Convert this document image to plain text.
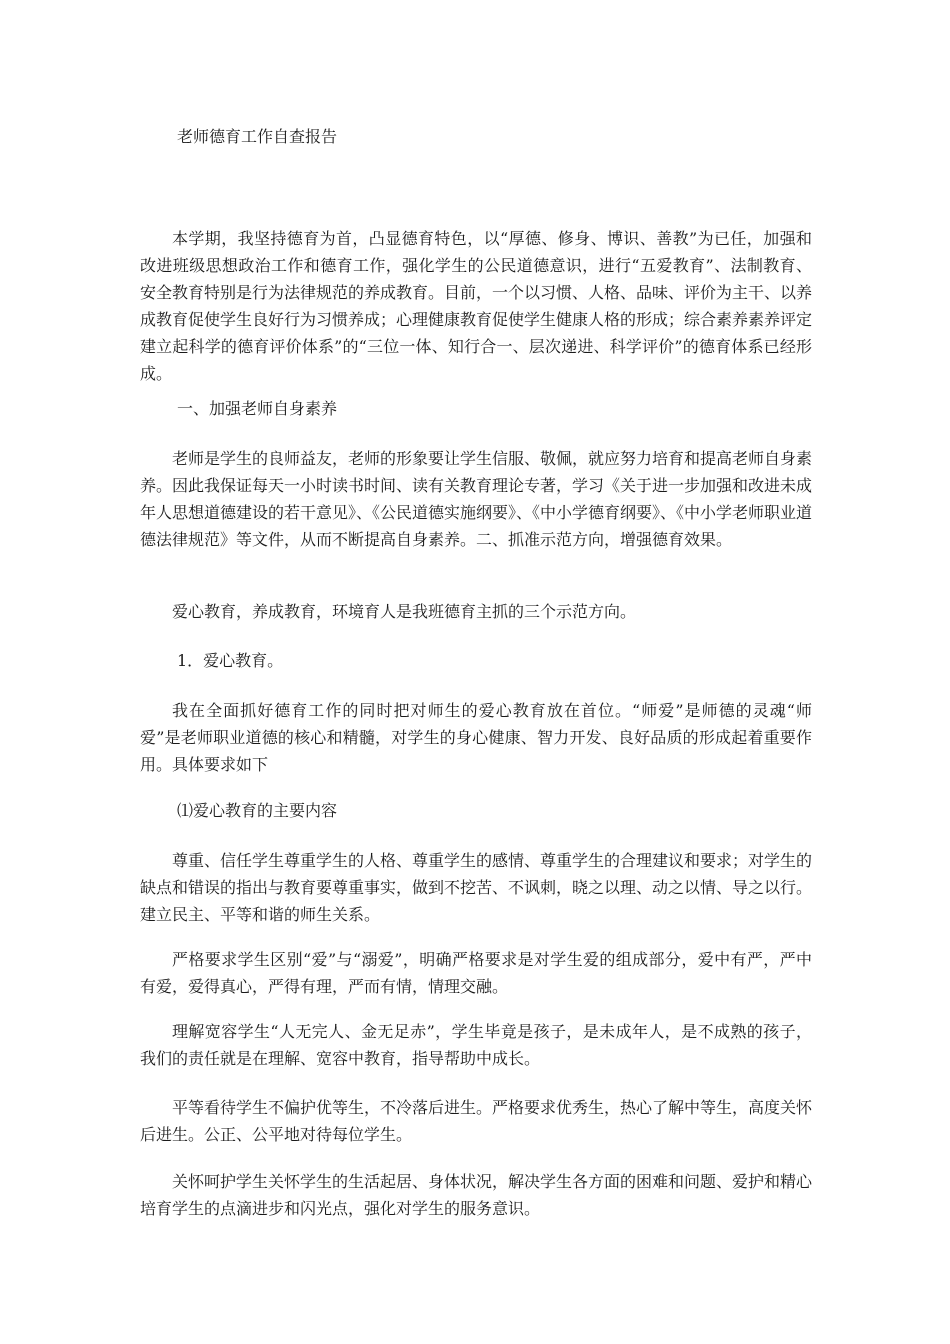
老师德育工作自查报告

本学期，我坚持德育为首，凸显德育特色，以“厚德、修身、博识、善教”为已任，加强和改进班级思想政治工作和德育工作，强化学生的公民道德意识，进行“五爱教育”、法制教育、安全教育特别是行为法律规范的养成教育。目前，一个以习惯、人格、品味、评价为主干、以养成教育促使学生良好行为习惯养成；心理健康教育促使学生健康人格的形成；综合素养素养评定建立起科学的德育评价体系”的“三位一体、知行合一、层次递进、科学评价”的德育体系已经形成。

一、加强老师自身素养

老师是学生的良师益友，老师的形象要让学生信服、敬佩，就应努力培育和提高老师自身素养。因此我保证每天一小时读书时间、读有关教育理论专著，学习《关于进一步加强和改进未成年人思想道德建设的若干意见》、《公民道德实施纲要》、《中小学德育纲要》、《中小学老师职业道德法律规范》等文件，从而不断提高自身素养。二、抓准示范方向，增强德育效果。

爱心教育，养成教育，环境育人是我班德育主抓的三个示范方向。

1．爱心教育。

我在全面抓好德育工作的同时把对师生的爱心教育放在首位。“师爱”是师德的灵魂“师爱”是老师职业道德的核心和精髓，对学生的身心健康、智力开发、良好品质的形成起着重要作用。具体要求如下

⑴爱心教育的主要内容

尊重、信任学生尊重学生的人格、尊重学生的感情、尊重学生的合理建议和要求；对学生的缺点和错误的指出与教育要尊重事实，做到不挖苦、不讽刺，晓之以理、动之以情、导之以行。建立民主、平等和谐的师生关系。

严格要求学生区别“爱”与“溺爱”，明确严格要求是对学生爱的组成部分，爱中有严，严中有爱，爱得真心，严得有理，严而有情，情理交融。

理解宽容学生“人无完人、金无足赤”，学生毕竟是孩子，是未成年人，是不成熟的孩子，我们的责任就是在理解、宽容中教育，指导帮助中成长。

平等看待学生不偏护优等生，不冷落后进生。严格要求优秀生，热心了解中等生，高度关怀后进生。公正、公平地对待每位学生。

关怀呵护学生关怀学生的生活起居、身体状况，解决学生各方面的困难和问题、爱护和精心培育学生的点滴进步和闪光点，强化对学生的服务意识。
